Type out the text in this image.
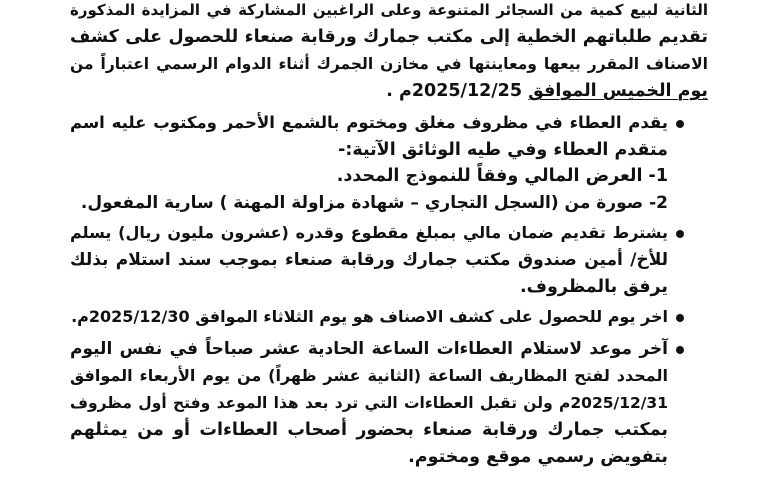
الثانية لبيع كمية من السجائر المتنوعة وعلى الراغبين المشاركة في المزايدة المذكورة
تقديم طلباتهم الخطية إلى مكتب جمارك ورقابة صنعاء للحصول على كشف
الاصناف المقرر بيعها ومعاينتها في مخازن الجمرك أثناء الدوام الرسمي اعتباراً من
يوم الخميس الموافق 2025/12/25م .
يقدم العطاء في مظروف مغلق ومختوم بالشمع الأحمر ومكتوب عليه اسم
متقدم العطاء وفي طيه الوثائق الآتية:-
1- العرض المالي وفقاً للنموذج المحدد.
2- صورة من (السجل التجاري – شهادة مزاولة المهنة ) سارية المفعول.
يشترط تقديم ضمان مالي بمبلغ مقطوع وقدره (عشرون مليون ريال) يسلم
للأخ/ أمين صندوق مكتب جمارك ورقابة صنعاء بموجب سند استلام بذلك
يرفق بالمظروف.
اخر يوم للحصول على كشف الاصناف هو يوم الثلاثاء الموافق 2025/12/30م.
آخر موعد لاستلام العطاءات الساعة الحادية عشر صباحاً في نفس اليوم
المحدد لفتح المظاريف الساعة (الثانية عشر ظهراً) من يوم الأربعاء الموافق
2025/12/31م ولن تقبل العطاءات التي ترد بعد هذا الموعد وفتح أول مظروف
بمكتب جمارك ورقابة صنعاء بحضور أصحاب العطاءات أو من يمثلهم
بتفويض رسمي موقع ومختوم.
